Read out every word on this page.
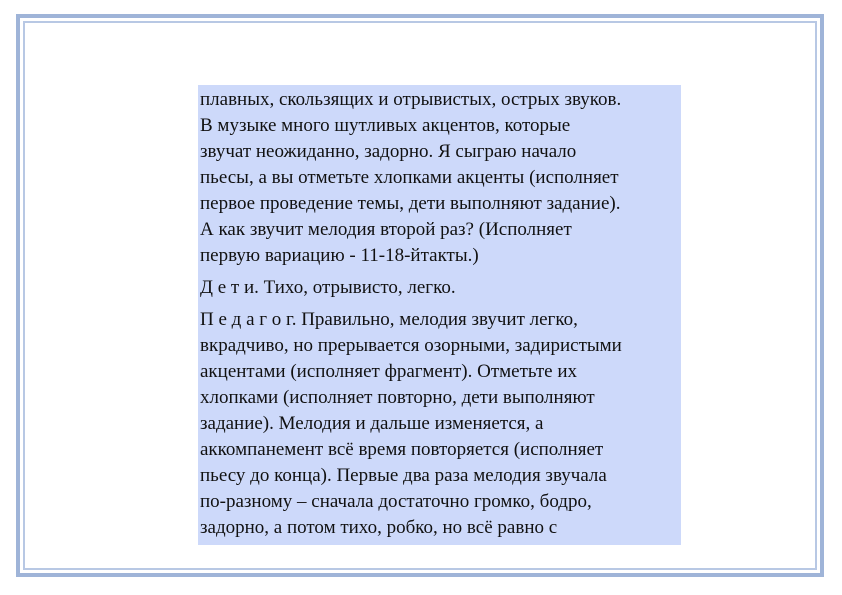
плавных, скользящих и отрывистых, острых звуков.
В музыке много шутливых акцентов, которые
звучат неожиданно, задорно. Я сыграю начало
пьесы, а вы отметьте хлопками акценты (исполняет
первое проведение темы, дети выполняют задание).
А как звучит мелодия второй раз? (Исполняет
первую вариацию - 11-18-йтакты.)

Д е т и. Тихо, отрывисто, легко.

П е д а г о г. Правильно, мелодия звучит легко,
вкрадчиво, но прерывается озорными, задиристыми
акцентами (исполняет фрагмент). Отметьте их
хлопками (исполняет повторно, дети выполняют
задание). Мелодия и дальше изменяется, а
аккомпанемент всё время повторяется (исполняет
пьесу до конца). Первые два раза мелодия звучала
по-разному – сначала достаточно громко, бодро,
задорно, а потом тихо, робко, но всё равно с
